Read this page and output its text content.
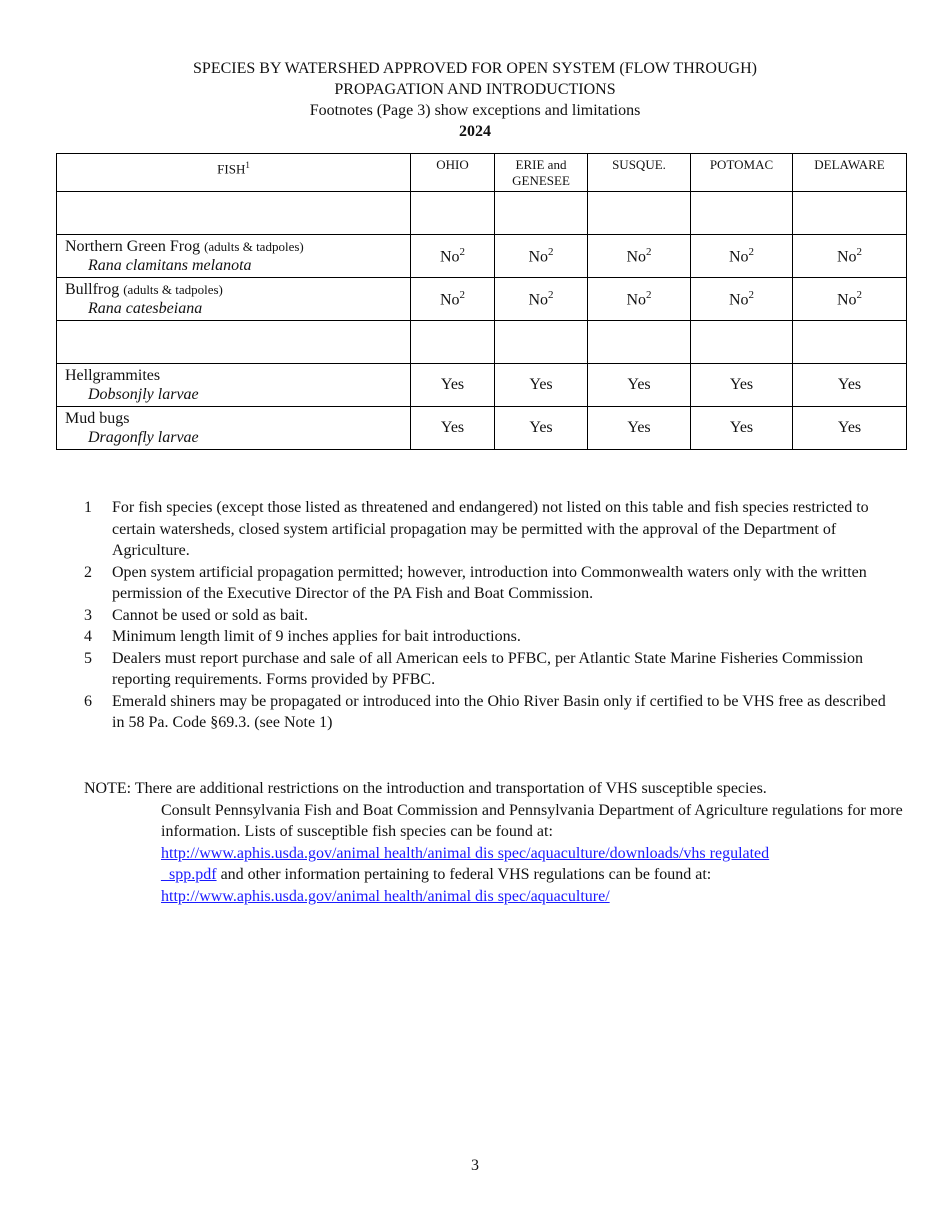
SPECIES BY WATERSHED APPROVED FOR OPEN SYSTEM (FLOW THROUGH)
PROPAGATION AND INTRODUCTIONS
Footnotes (Page 3) show exceptions and limitations
2024
FISH$^1$	OHIO	ERIE and
GENESEE	SUSQUE.	POTOMAC	DELAWARE

Northern Green Frog (adults & tadpoles)
Rana clamitans melanota	No$^2$	No$^2$	No$^2$	No$^2$	No$^2$
Bullfrog (adults & tadpoles)
Rana catesbeiana	No$^2$	No$^2$	No$^2$	No$^2$	No$^2$

Hellgrammites
Dobsonjly larvae	Yes	Yes	Yes	Yes	Yes
Mud bugs
Dragonfly larvae	Yes	Yes	Yes	Yes	Yes
1	For fish species (except those listed as threatened and endangered) not listed on this table and fish species restricted to certain watersheds, closed system artificial propagation may be permitted with the approval of the Department of Agriculture.
2	Open system artificial propagation permitted; however, introduction into Commonwealth waters only with the written permission of the Executive Director of the PA Fish and Boat Commission.
3	Cannot be used or sold as bait.
4	Minimum length limit of 9 inches applies for bait introductions.
5	Dealers must report purchase and sale of all American eels to PFBC, per Atlantic State Marine Fisheries Commission reporting requirements. Forms provided by PFBC.
6	Emerald shiners may be propagated or introduced into the Ohio River Basin only if certified to be VHS free as described in 58 Pa. Code §69.3. (see Note 1)
NOTE: There are additional restrictions on the introduction and transportation of VHS susceptible species.
Consult Pennsylvania Fish and Boat Commission and Pennsylvania Department of Agriculture regulations for more information. Lists of susceptible fish species can be found at:
http://www.aphis.usda.gov/animal health/animal dis spec/aquaculture/downloads/vhs regulated
_spp.pdf and other information pertaining to federal VHS regulations can be found at:
http://www.aphis.usda.gov/animal health/animal dis spec/aquaculture/
3
